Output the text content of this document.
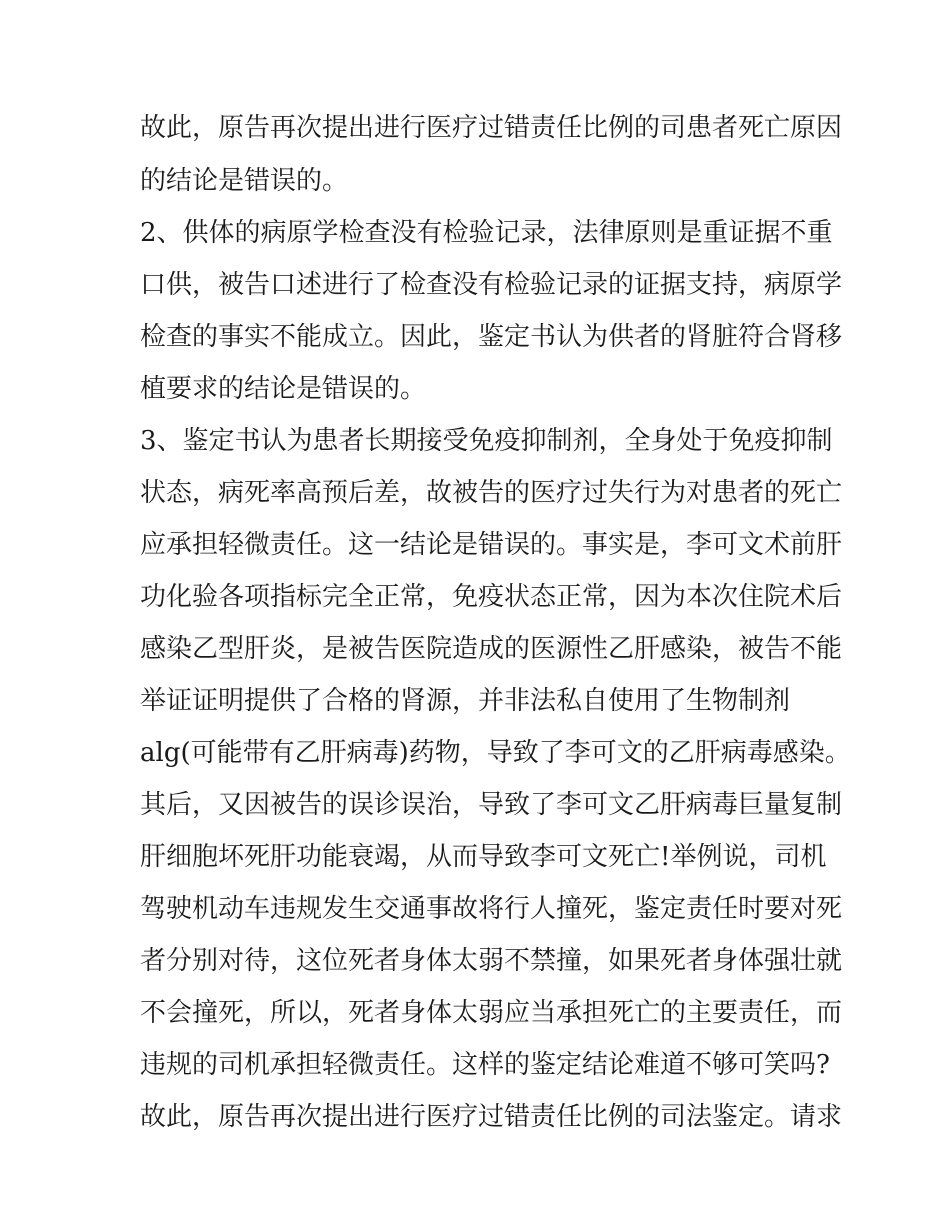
故此，原告再次提出进行医疗过错责任比例的司患者死亡原因
的结论是错误的。
2、供体的病原学检查没有检验记录，法律原则是重证据不重
口供，被告口述进行了检查没有检验记录的证据支持，病原学
检查的事实不能成立。因此，鉴定书认为供者的肾脏符合肾移
植要求的结论是错误的。
3、鉴定书认为患者长期接受免疫抑制剂，全身处于免疫抑制
状态，病死率高预后差，故被告的医疗过失行为对患者的死亡
应承担轻微责任。这一结论是错误的。事实是，李可文术前肝
功化验各项指标完全正常，免疫状态正常，因为本次住院术后
感染乙型肝炎，是被告医院造成的医源性乙肝感染，被告不能
举证证明提供了合格的肾源，并非法私自使用了生物制剂
alg(可能带有乙肝病毒)药物，导致了李可文的乙肝病毒感染。
其后，又因被告的误诊误治，导致了李可文乙肝病毒巨量复制
肝细胞坏死肝功能衰竭，从而导致李可文死亡!举例说，司机
驾驶机动车违规发生交通事故将行人撞死，鉴定责任时要对死
者分别对待，这位死者身体太弱不禁撞，如果死者身体强壮就
不会撞死，所以，死者身体太弱应当承担死亡的主要责任，而
违规的司机承担轻微责任。这样的鉴定结论难道不够可笑吗?
故此，原告再次提出进行医疗过错责任比例的司法鉴定。请求
